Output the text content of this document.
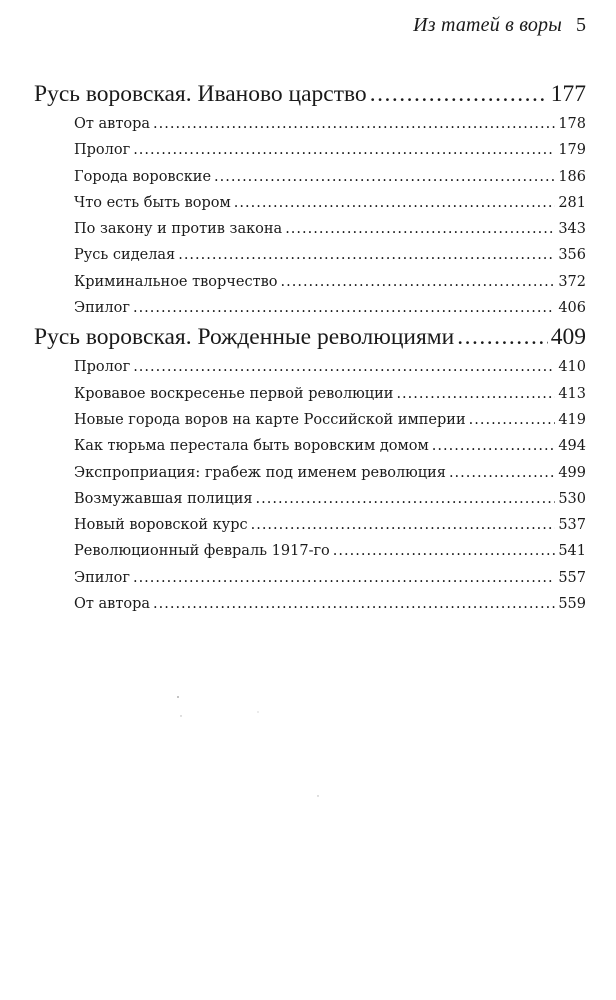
Из татей в воры 5
Русь воровская. Иваново царство .....	177
От автора .....	178
Пролог .....	179
Города воровские .....	186
Что есть быть вором .....	281
По закону и против закона .....	343
Русь сиделая .....	356
Криминальное творчество .....	372
Эпилог .....	406
Русь воровская. Рожденные революциями .....	409
Пролог .....	410
Кровавое воскресенье первой революции .....	413
Новые города воров на карте Российской империи .....	419
Как тюрьма перестала быть воровским домом .....	494
Экспроприация: грабеж под именем революция .....	499
Возмужавшая полиция .....	530
Новый воровской курс .....	537
Революционный февраль 1917-го .....	541
Эпилог .....	557
От автора .....	559
